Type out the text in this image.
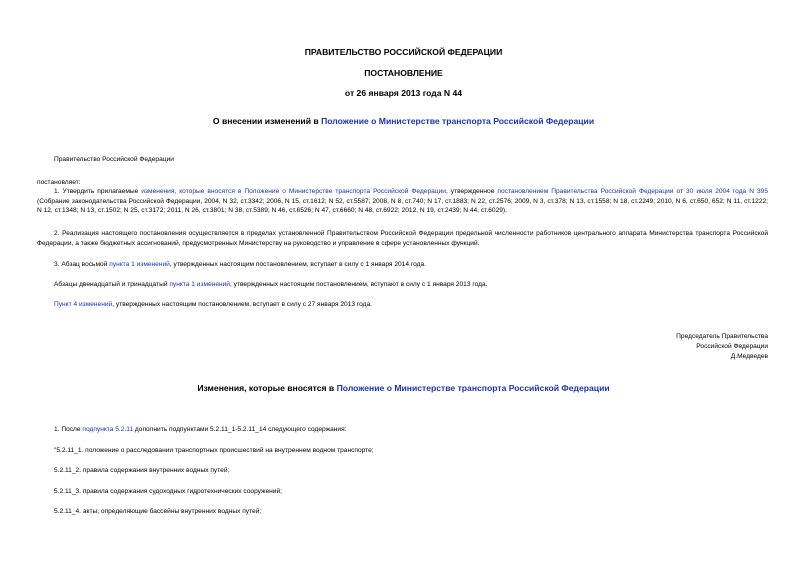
ПРАВИТЕЛЬСТВО РОССИЙСКОЙ ФЕДЕРАЦИИ
ПОСТАНОВЛЕНИЕ
от 26 января 2013 года N 44
О внесении изменений в Положение о Министерстве транспорта Российской Федерации
Правительство Российской Федерации
постановляет:
1. Утвердить прилагаемые изменения, которые вносятся в Положение о Министерстве транспорта Российской Федерации, утвержденное постановлением Правительства Российской Федерации от 30 июля 2004 года N 395 (Собрание законодательства Российской Федерации, 2004, N 32, ст.3342; 2006, N 15, ст.1612; N 52, ст.5587; 2008, N 8, ст.740; N 17, ст.1883; N 22, ст.2576; 2009, N 3, ст.378; N 13, ст.1558; N 18, ст.2249; 2010, N 6, ст.650, 652; N 11, ст.1222; N 12, ст.1348; N 13, ст.1502; N 25, ст.3172; 2011, N 26, ст.3801; N 38, ст.5389; N 46, ст.6526; N 47, ст.6660; N 48, ст.6922; 2012, N 19, ст.2439; N 44, ст.6029).
2. Реализация настоящего постановления осуществляется в пределах установленной Правительством Российской Федерации предельной численности работников центрального аппарата Министерства транспорта Российской Федерации, а также бюджетных ассигнований, предусмотренных Министерству на руководство и управление в сфере установленных функций.
3. Абзац восьмой пункта 1 изменений, утвержденных настоящим постановлением, вступает в силу с 1 января 2014 года.
Абзацы двенадцатый и тринадцатый пункта 1 изменений, утвержденных настоящим постановлением, вступают в силу с 1 января 2013 года.
Пункт 4 изменений, утвержденных настоящим постановлением, вступает в силу с 27 января 2013 года.
Председатель Правительства
Российской Федерации
Д.Медведев
Изменения, которые вносятся в Положение о Министерстве транспорта Российской Федерации
1. После подпункта 5.2.11 дополнить подпунктами 5.2.11_1-5.2.11_14 следующего содержания:
"5.2.11_1. положение о расследовании транспортных происшествий на внутреннем водном транспорте;
5.2.11_2. правила содержания внутренних водных путей;
5.2.11_3. правила содержания судоходных гидротехнических сооружений;
5.2.11_4. акты, определяющие бассейны внутренних водных путей;
